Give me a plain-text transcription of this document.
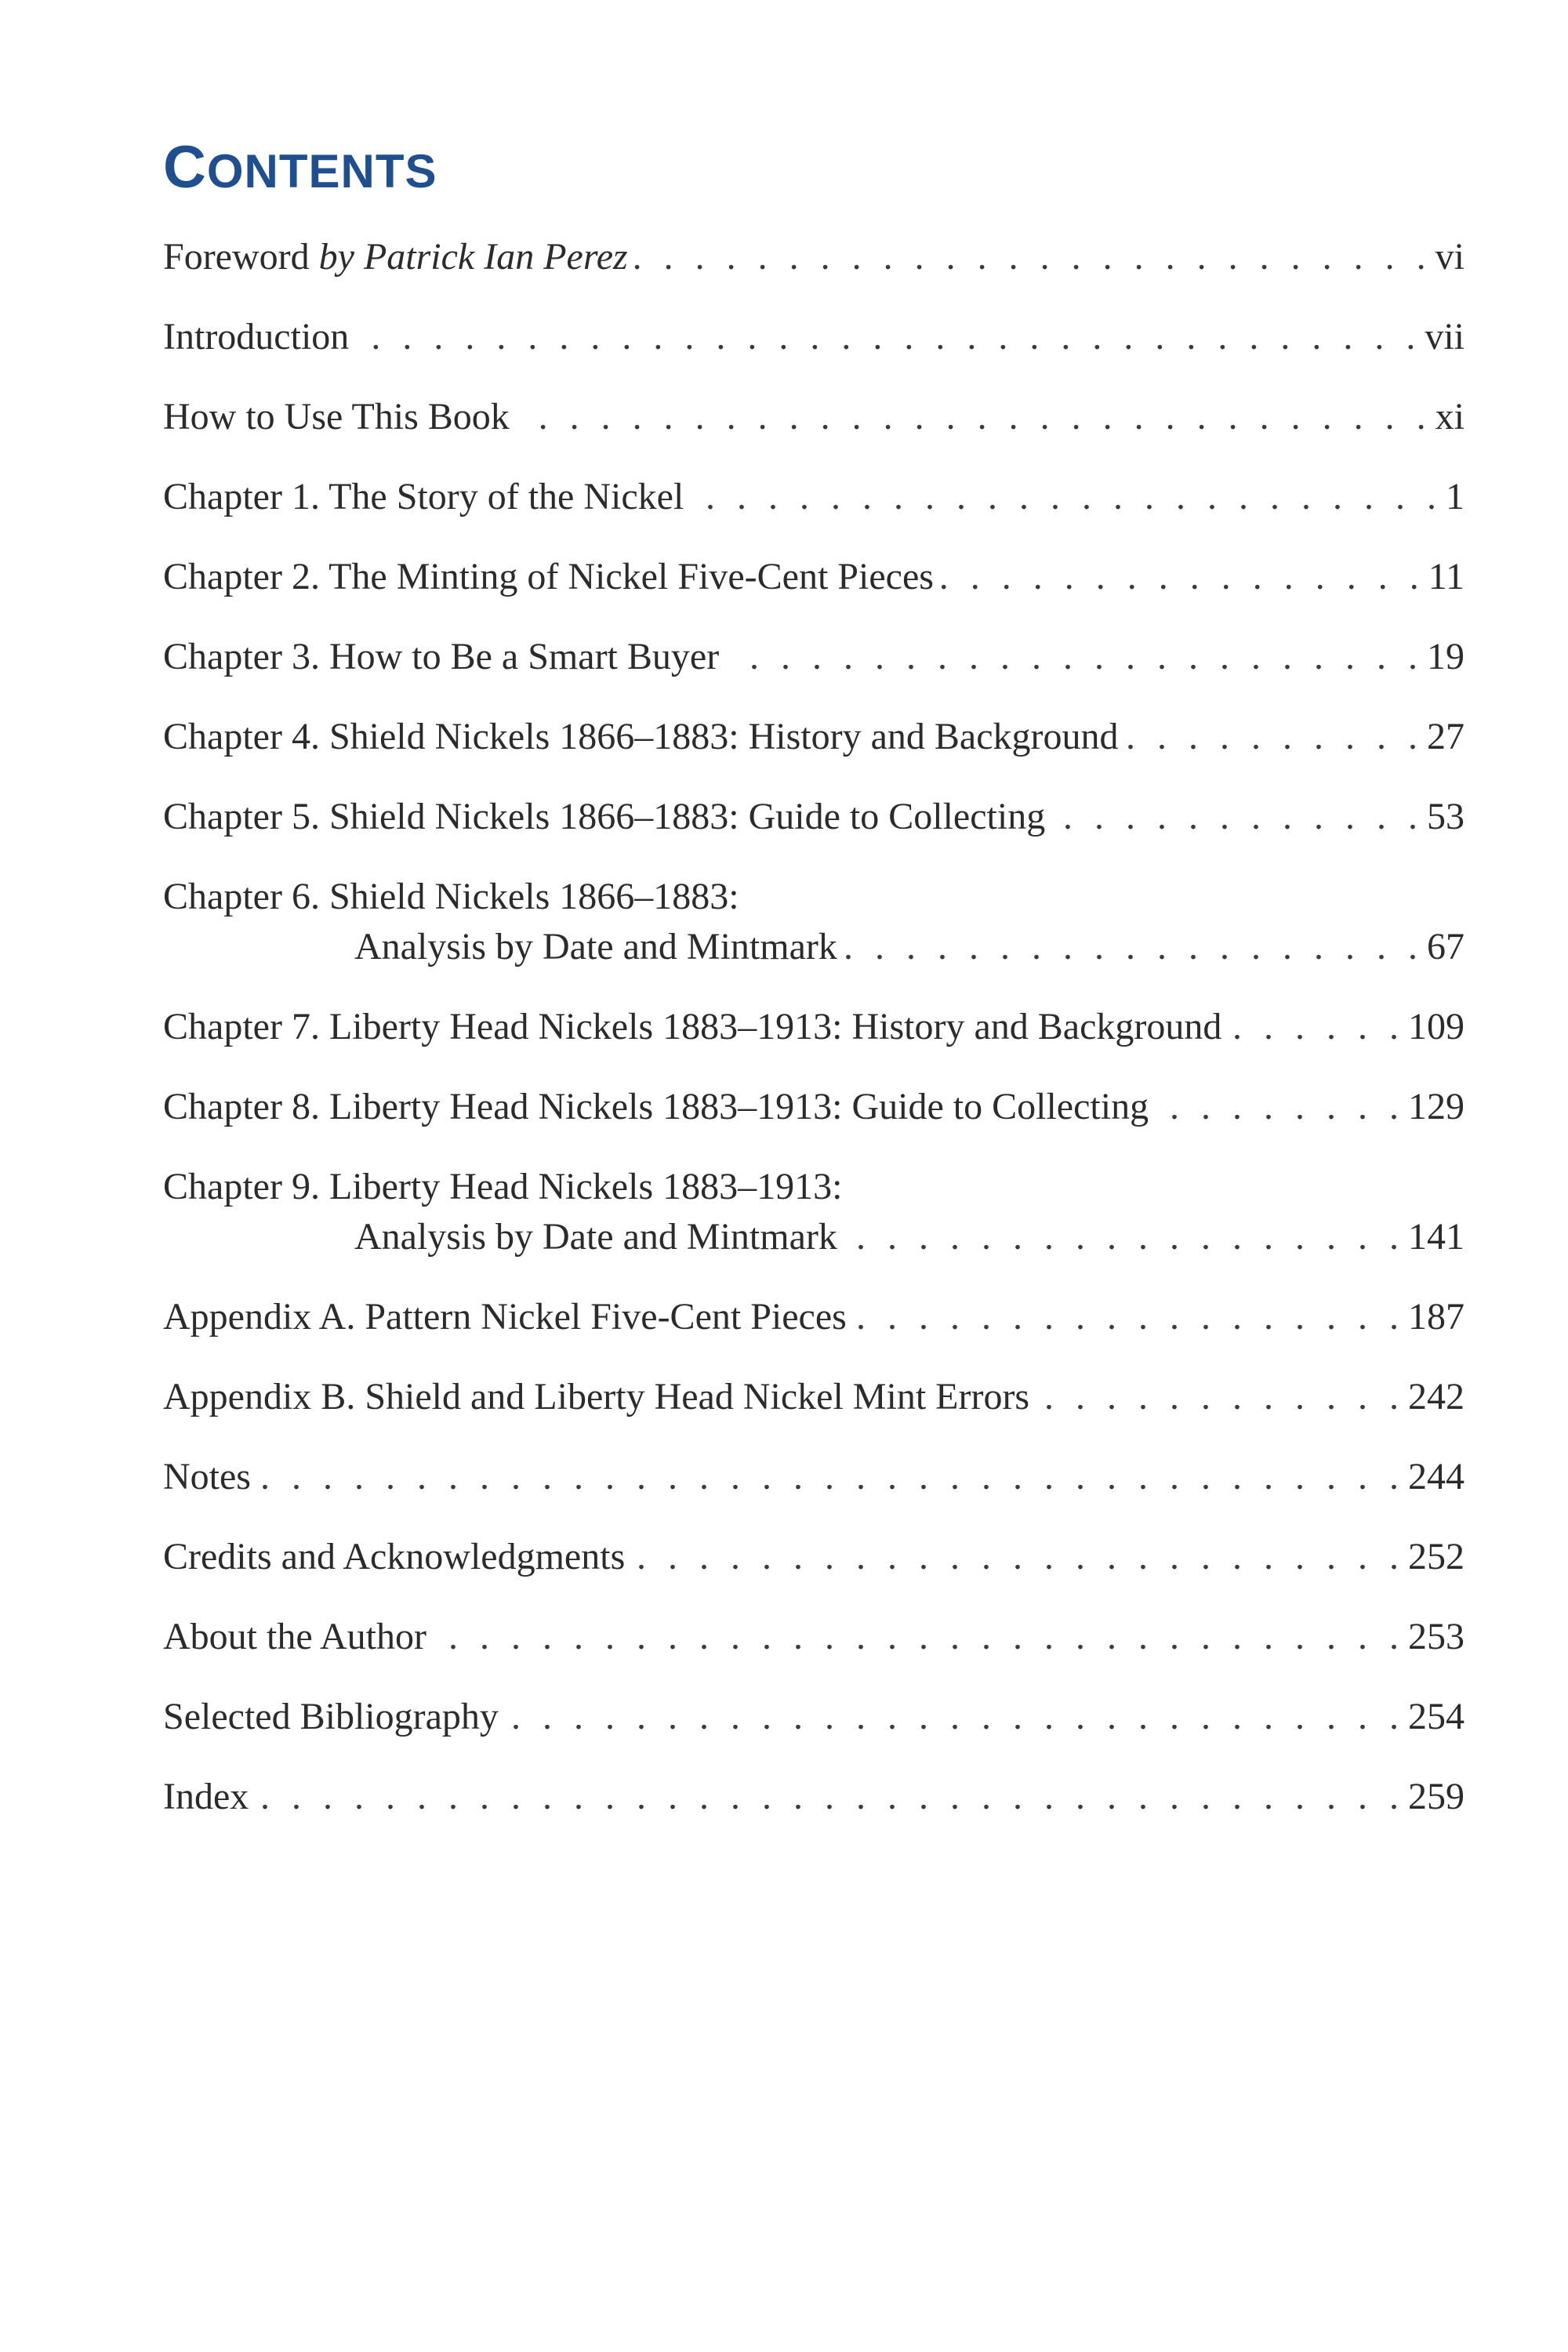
CONTENTS
Foreword by Patrick Ian Perez . . .	vi
Introduction . . .	vii
How to Use This Book . . .	xi
Chapter 1. The Story of the Nickel . . .	1
Chapter 2. The Minting of Nickel Five-Cent Pieces . . .	11
Chapter 3. How to Be a Smart Buyer . . .	19
Chapter 4. Shield Nickels 1866–1883: History and Background . . .	27
Chapter 5. Shield Nickels 1866–1883: Guide to Collecting . . .	53
Chapter 6. Shield Nickels 1866–1883:
Analysis by Date and Mintmark . . .	67
Chapter 7. Liberty Head Nickels 1883–1913: History and Background . . .	109
Chapter 8. Liberty Head Nickels 1883–1913: Guide to Collecting . . .	129
Chapter 9. Liberty Head Nickels 1883–1913:
Analysis by Date and Mintmark . . .	141
Appendix A. Pattern Nickel Five-Cent Pieces . . .	187
Appendix B. Shield and Liberty Head Nickel Mint Errors . . .	242
Notes . . .	244
Credits and Acknowledgments . . .	252
About the Author . . .	253
Selected Bibliography . . .	254
Index . . .	259
